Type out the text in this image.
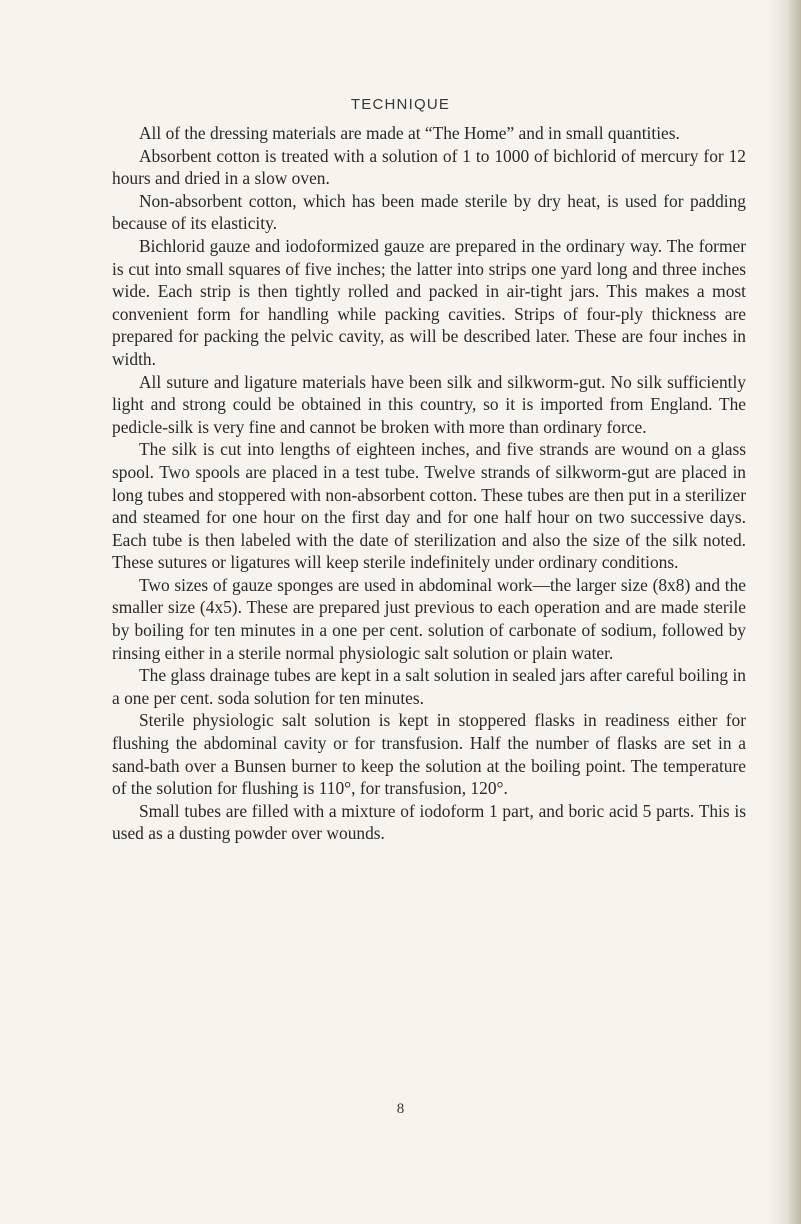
TECHNIQUE

All of the dressing materials are made at “The Home” and in small quantities.

Absorbent cotton is treated with a solution of 1 to 1000 of bichlorid of mercury for 12 hours and dried in a slow oven.

Non-absorbent cotton, which has been made sterile by dry heat, is used for padding because of its elasticity.

Bichlorid gauze and iodoformized gauze are prepared in the ordinary way. The former is cut into small squares of five inches; the latter into strips one yard long and three inches wide. Each strip is then tightly rolled and packed in air-tight jars. This makes a most convenient form for handling while packing cavities. Strips of four-ply thickness are prepared for packing the pelvic cavity, as will be described later. These are four inches in width.

All suture and ligature materials have been silk and silkworm-gut. No silk sufficiently light and strong could be obtained in this country, so it is imported from England. The pedicle-silk is very fine and cannot be broken with more than ordinary force.

The silk is cut into lengths of eighteen inches, and five strands are wound on a glass spool. Two spools are placed in a test tube. Twelve strands of silkworm-gut are placed in long tubes and stoppered with non-absorbent cotton. These tubes are then put in a sterilizer and steamed for one hour on the first day and for one half hour on two successive days. Each tube is then labeled with the date of sterilization and also the size of the silk noted. These sutures or ligatures will keep sterile indefinitely under ordinary conditions.

Two sizes of gauze sponges are used in abdominal work—the larger size (8x8) and the smaller size (4x5). These are prepared just previous to each operation and are made sterile by boiling for ten minutes in a one per cent. solution of carbonate of sodium, followed by rinsing either in a sterile normal physiologic salt solution or plain water.

The glass drainage tubes are kept in a salt solution in sealed jars after careful boiling in a one per cent. soda solution for ten minutes.

Sterile physiologic salt solution is kept in stoppered flasks in readiness either for flushing the abdominal cavity or for transfusion. Half the number of flasks are set in a sand-bath over a Bunsen burner to keep the solution at the boiling point. The temperature of the solution for flushing is 110°, for transfusion, 120°.

Small tubes are filled with a mixture of iodoform 1 part, and boric acid 5 parts. This is used as a dusting powder over wounds.

8
